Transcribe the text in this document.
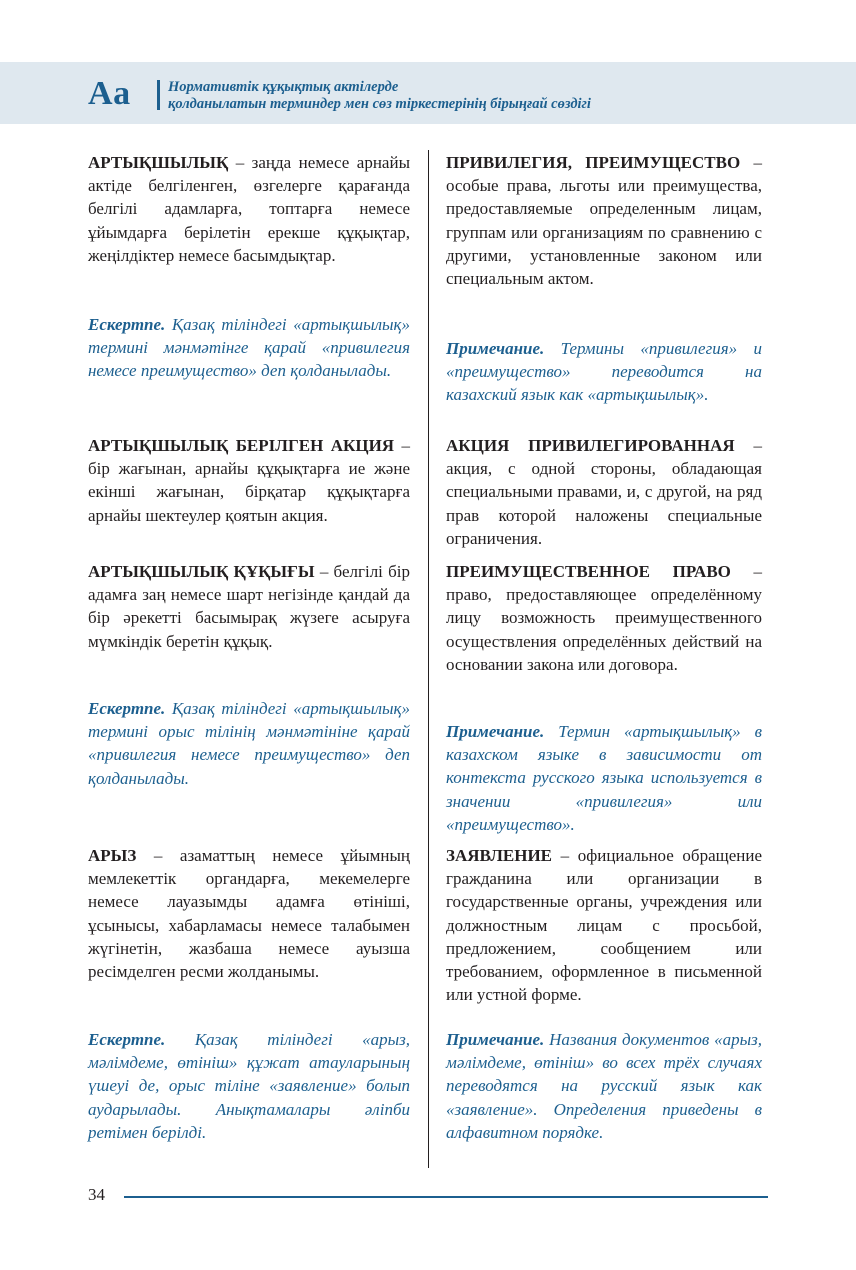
Аа	Нормативтік құқықтық актілерде
қолданылатын терминдер мен сөз тіркестерінің бірыңғай сөздігі
АРТЫҚШЫЛЫҚ – заңда немесе арнайы актіде белгіленген, өзгелерге қарағанда белгілі адамларға, топтарға немесе ұйымдарға берілетін ерекше құқықтар, жеңілдіктер немесе басымдықтар.
Ескертпе. Қазақ тіліндегі «артықшылық» термині мәнмәтінге қарай «привилегия немесе преимущество» деп қолданылады.
АРТЫҚШЫЛЫҚ БЕРІЛГЕН АКЦИЯ – бір жағынан, арнайы құқықтарға ие және екінші жағынан, бірқатар құқықтарға арнайы шектеулер қоятын акция.
АРТЫҚШЫЛЫҚ ҚҰҚЫҒЫ – белгілі бір адамға заң немесе шарт негізінде қандай да бір әрекетті басымырақ жүзеге асыруға мүмкіндік беретін құқық.
Ескертпе. Қазақ тіліндегі «артықшылық» термині орыс тілінің мәнмәтініне қарай «привилегия немесе преимущество» деп қолданылады.
АРЫЗ – азаматтың немесе ұйымның мемлекеттік органдарға, мекемелерге немесе лауазымды адамға өтініші, ұсынысы, хабарламасы немесе талабымен жүгінетін, жазбаша немесе ауызша ресімделген ресми жолданымы.
Ескертпе. Қазақ тіліндегі «арыз, мәлімдеме, өтініш» құжат атауларының үшеуі де, орыс тіліне «заявление» болып аударылады. Анықтамалары әліпби ретімен берілді.
ПРИВИЛЕГИЯ, ПРЕИМУЩЕСТВО – особые права, льготы или преимущества, предоставляемые определенным лицам, группам или организациям по сравнению с другими, установленные законом или специальным актом.
Примечание. Термины «привилегия» и «преимущество» переводится на казахский язык как «артықшылық».
АКЦИЯ ПРИВИЛЕГИРОВАННАЯ – акция, с одной стороны, обладающая специальными правами, и, с другой, на ряд прав которой наложены специальные ограничения.
ПРЕИМУЩЕСТВЕННОЕ ПРАВО – право, предоставляющее определённому лицу возможность преимущественного осуществления определённых действий на основании закона или договора.
Примечание. Термин «артықшылық» в казахском языке в зависимости от контекста русского языка используется в значении «привилегия» или «преимущество».
ЗАЯВЛЕНИЕ – официальное обращение гражданина или организации в государственные органы, учреждения или должностным лицам с просьбой, предложением, сообщением или требованием, оформленное в письменной или устной форме.
Примечание. Названия документов «арыз, мәлімдеме, өтініш» во всех трёх случаях переводятся на русский язык как «заявление». Определения приведены в алфавитном порядке.
34
